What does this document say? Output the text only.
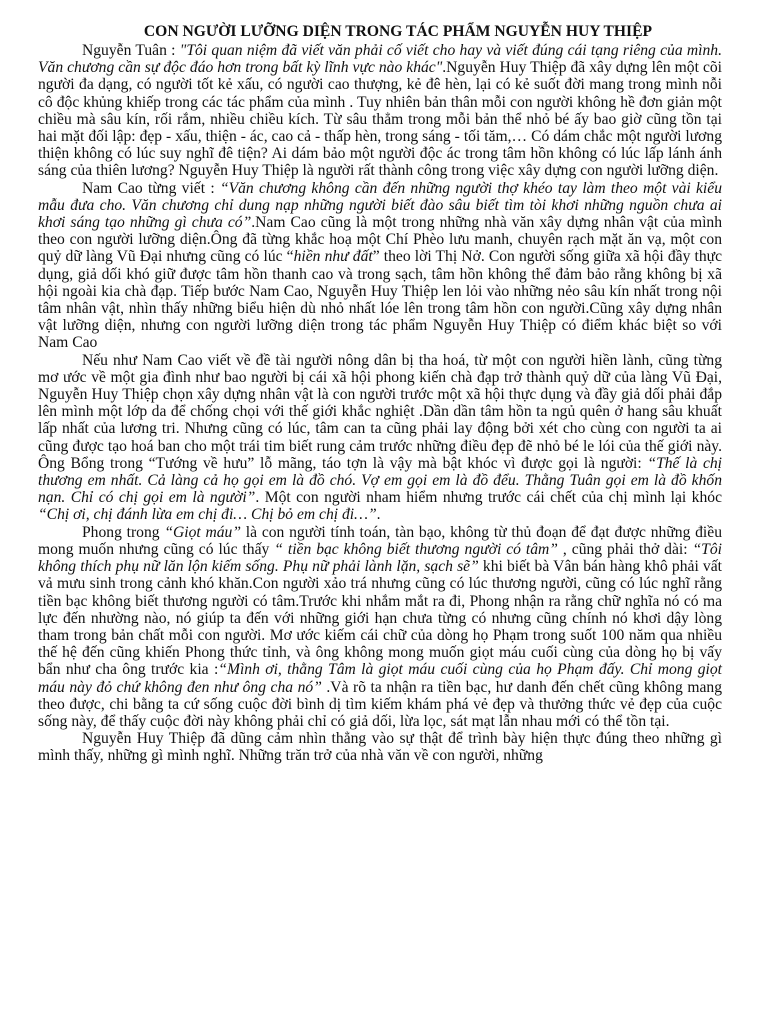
CON NGƯỜI LƯỠNG DIỆN TRONG TÁC PHẨM NGUYỄN HUY THIỆP

Nguyễn Tuân : "Tôi quan niệm đã viết văn phải cố viết cho hay và viết đúng cái tạng riêng của mình. Văn chương cần sự độc đáo hơn trong bất kỳ lĩnh vực nào khác".Nguyễn Huy Thiệp đã xây dựng lên một cõi người đa dạng, có người tốt kẻ xấu, có người cao thượng, kẻ đê hèn, lại có kẻ suốt đời mang trong mình nỗi cô độc khủng khiếp trong các tác phẩm của mình . Tuy nhiên bản thân mỗi con người không hề đơn giản một chiều mà sâu kín, rối rắm, nhiều chiều kích. Từ sâu thẳm trong mỗi bản thể nhỏ bé ấy bao giờ cũng tồn tại hai mặt đối lập: đẹp - xấu, thiện - ác, cao cả - thấp hèn, trong sáng - tối tăm,… Có dám chắc một người lương thiện không có lúc suy nghĩ đê tiện? Ai dám bảo một người độc ác trong tâm hồn không có lúc lấp lánh ánh sáng của thiên lương? Nguyễn Huy Thiệp là người rất thành công trong việc xây dựng con người lưỡng diện.

Nam Cao từng viết : “Văn chương không cần đến những người thợ khéo tay làm theo một vài kiểu mẫu đưa cho. Văn chương chỉ dung nạp những người biết đào sâu biết tìm tòi khơi những nguồn chưa ai khơi sáng tạo những gì chưa có”.Nam Cao cũng là một trong những nhà văn xây dựng nhân vật của mình theo con người lưỡng diện.Ông đã từng khắc hoạ một Chí Phèo lưu manh, chuyên rạch mặt ăn vạ, một con quỷ dữ làng Vũ Đại nhưng cũng có lúc “hiền như đất” theo lời Thị Nở. Con người sống giữa xã hội đầy thực dụng, giả dối khó giữ được tâm hồn thanh cao và trong sạch, tâm hồn không thể đảm bảo rằng không bị xã hội ngoài kia chà đạp. Tiếp bước Nam Cao, Nguyễn Huy Thiệp len lỏi vào những nẻo sâu kín nhất trong nội tâm nhân vật, nhìn thấy những biểu hiện dù nhỏ nhất lóe lên trong tâm hồn con người.Cũng xây dựng nhân vật lưỡng diện, nhưng con người lưỡng diện trong tác phẩm Nguyễn Huy Thiệp có điểm khác biệt so với Nam Cao

Nếu như Nam Cao viết về đề tài người nông dân bị tha hoá, từ một con người hiền lành, cũng từng mơ ước về một gia đình như bao người bị cái xã hội phong kiến chà đạp trở thành quỷ dữ của làng Vũ Đại, Nguyễn Huy Thiệp chọn xây dựng nhân vật là con người trước một xã hội thực dụng và đầy giả dối phải đắp lên mình một lớp da để chống chọi với thế giới khắc nghiệt .Dần dần tâm hồn ta ngủ quên ở hang sâu khuất lấp nhất của lương tri. Nhưng cũng có lúc, tâm can ta cũng phải lay động bởi xét cho cùng con người ta ai cũng được tạo hoá ban cho một trái tim biết rung cảm trước những điều đẹp đẽ nhỏ bé le lói của thế giới này. Ông Bổng trong “Tướng về hưu” lỗ mãng, táo tợn là vậy mà bật khóc vì được gọi là người: “Thế là chị thương em nhất. Cả làng cả họ gọi em là đồ chó. Vợ em gọi em là đồ đểu. Thằng Tuân gọi em là đồ khốn nạn. Chỉ có chị gọi em là người”. Một con người nham hiểm nhưng trước cái chết của chị mình lại khóc “Chị ơi, chị đánh lừa em chị đi… Chị bỏ em chị đi…”.

Phong trong “Giọt máu” là con người tính toán, tàn bạo, không từ thủ đoạn để đạt được những điều mong muốn nhưng cũng có lúc thấy “ tiền bạc không biết thương người có tâm” , cũng phải thở dài: “Tôi không thích phụ nữ lăn lộn kiếm sống. Phụ nữ phải lành lặn, sạch sẽ” khi biết bà Vân bán hàng khô phải vất vả mưu sinh trong cảnh khó khăn.Con người xảo trá nhưng cũng có lúc thương người, cũng có lúc nghĩ rằng tiền bạc không biết thương người có tâm.Trước khi nhắm mắt ra đi, Phong nhận ra rằng chữ nghĩa nó có ma lực đến nhường nào, nó giúp ta đến với những giới hạn chưa từng có nhưng cũng chính nó khơi dậy lòng tham trong bản chất mỗi con người. Mơ ước kiếm cái chữ của dòng họ Phạm trong suốt 100 năm qua nhiều thế hệ đến cũng khiến Phong thức tỉnh, và ông không mong muốn giọt máu cuối cùng của dòng họ bị vấy bẩn như cha ông trước kia :“Mình ơi, thằng Tâm là giọt máu cuối cùng của họ Phạm đấy. Chỉ mong giọt máu này đỏ chứ không đen như ông cha nó” .Và rõ ta nhận ra tiền bạc, hư danh đến chết cũng không mang theo được, chi bằng ta cứ sống cuộc đời bình dị tìm kiếm khám phá vẻ đẹp và thưởng thức vẻ đẹp của cuộc sống này, để thấy cuộc đời này không phải chỉ có giả dối, lừa lọc, sát mạt lẫn nhau mới có thể tồn tại.

Nguyễn Huy Thiệp đã dũng cảm nhìn thẳng vào sự thật để trình bày hiện thực đúng theo những gì mình thấy, những gì mình nghĩ. Những trăn trở của nhà văn về con người, những
